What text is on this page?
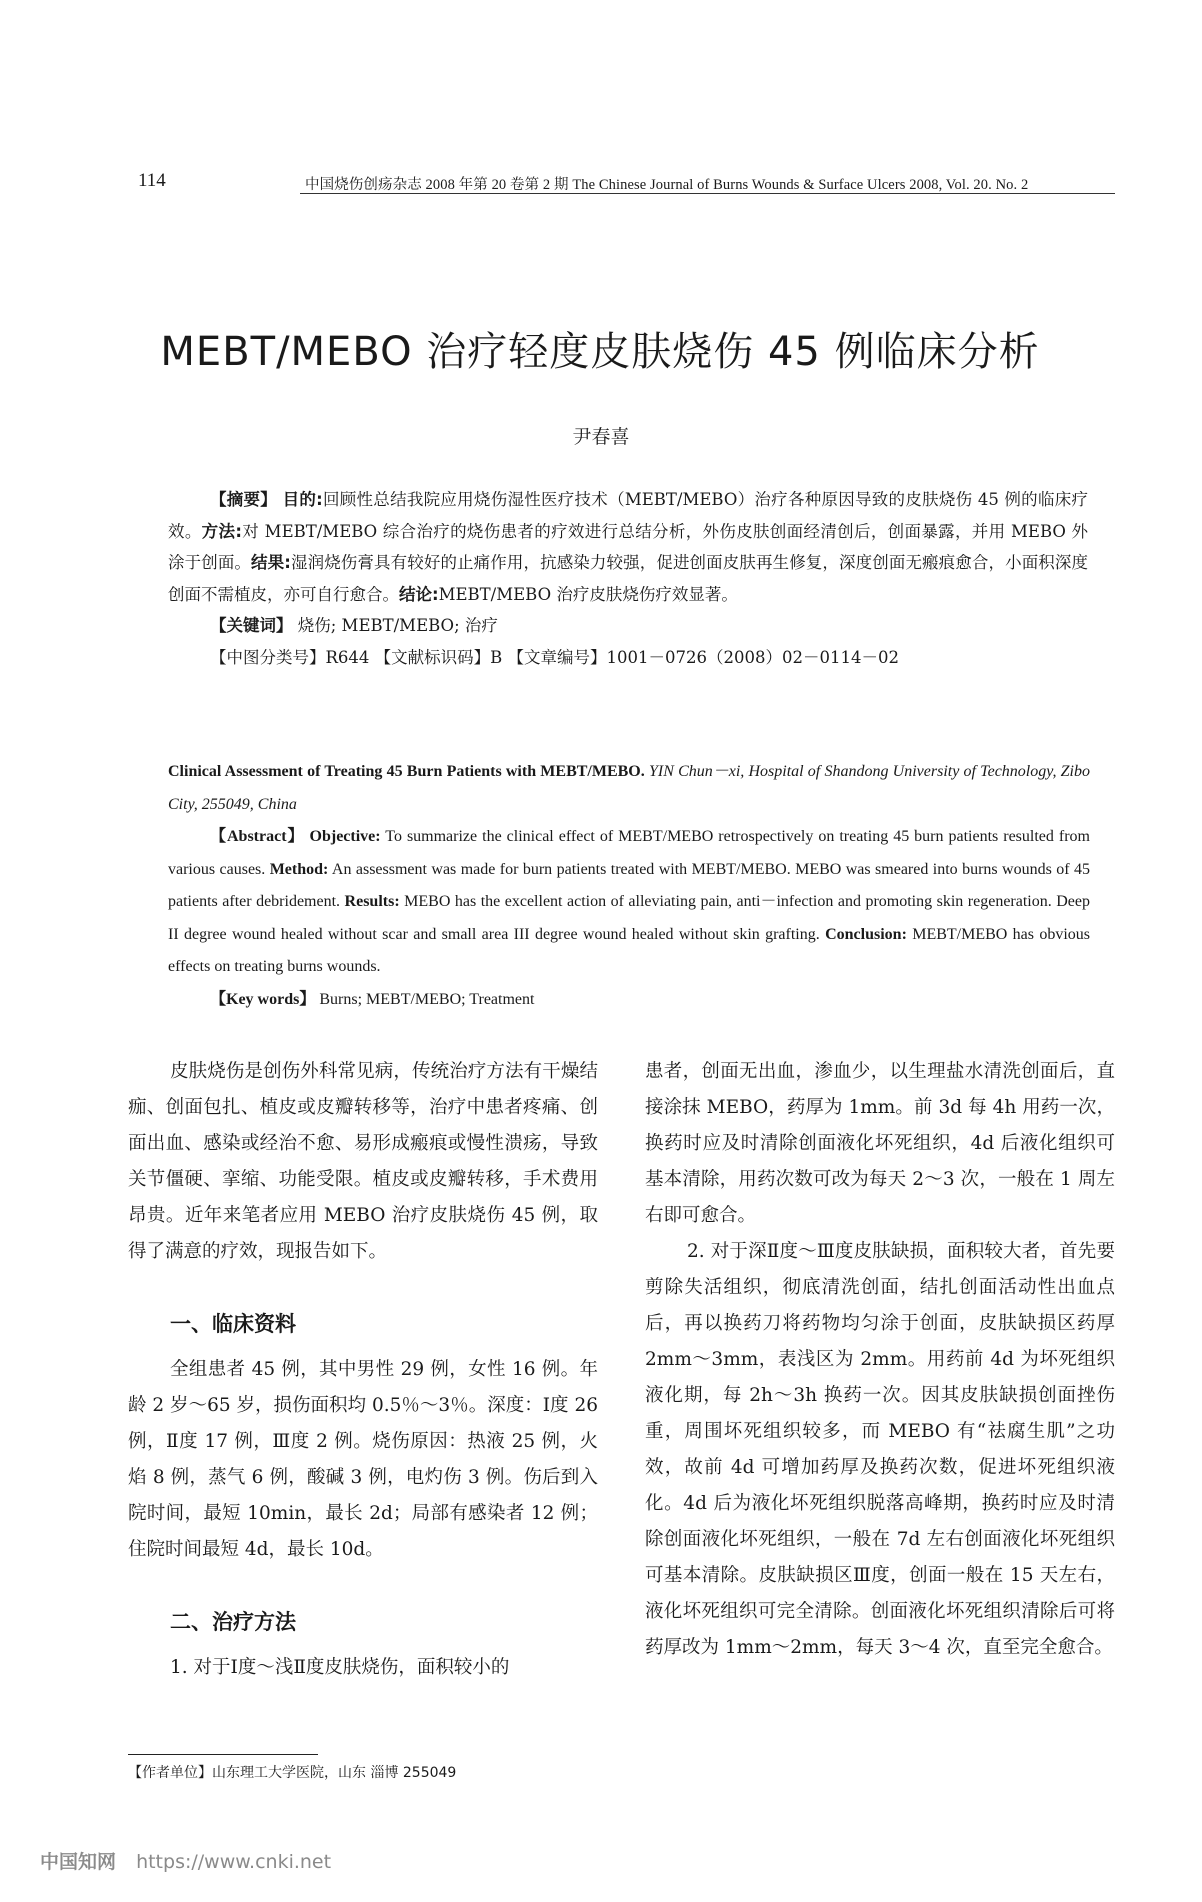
114	中国烧伤创疡杂志 2008 年第 20 卷第 2 期 The Chinese Journal of Burns Wounds & Surface Ulcers 2008, Vol. 20. No. 2
MEBT/MEBO 治疗轻度皮肤烧伤 45 例临床分析
尹春喜

【摘要】 目的:回顾性总结我院应用烧伤湿性医疗技术（MEBT/MEBO）治疗各种原因导致的皮肤烧伤 45 例的临床疗效。方法:对 MEBT/MEBO 综合治疗的烧伤患者的疗效进行总结分析，外伤皮肤创面经清创后，创面暴露，并用 MEBO 外涂于创面。结果:湿润烧伤膏具有较好的止痛作用，抗感染力较强，促进创面皮肤再生修复，深度创面无瘢痕愈合，小面积深度创面不需植皮，亦可自行愈合。结论:MEBT/MEBO 治疗皮肤烧伤疗效显著。

【关键词】 烧伤; MEBT/MEBO; 治疗

【中图分类号】R644 【文献标识码】B 【文章编号】1001－0726（2008）02－0114－02

Clinical Assessment of Treating 45 Burn Patients with MEBT/MEBO. YIN Chun－xi, Hospital of Shandong University of Technology, Zibo City, 255049, China

【Abstract】 Objective: To summarize the clinical effect of MEBT/MEBO retrospectively on treating 45 burn patients resulted from various causes. Method: An assessment was made for burn patients treated with MEBT/MEBO. MEBO was smeared into burns wounds of 45 patients after debridement. Results: MEBO has the excellent action of alleviating pain, anti－infection and promoting skin regeneration. Deep II degree wound healed without scar and small area III degree wound healed without skin grafting. Conclusion: MEBT/MEBO has obvious effects on treating burns wounds.

【Key words】 Burns; MEBT/MEBO; Treatment

皮肤烧伤是创伤外科常见病，传统治疗方法有干燥结痂、创面包扎、植皮或皮瓣转移等，治疗中患者疼痛、创面出血、感染或经治不愈、易形成瘢痕或慢性溃疡，导致关节僵硬、挛缩、功能受限。植皮或皮瓣转移，手术费用昂贵。近年来笔者应用 MEBO 治疗皮肤烧伤 45 例，取得了满意的疗效，现报告如下。

一、临床资料

全组患者 45 例，其中男性 29 例，女性 16 例。年龄 2 岁～65 岁，损伤面积均 0.5％～3％。深度：Ⅰ度 26 例，Ⅱ度 17 例，Ⅲ度 2 例。烧伤原因：热液 25 例，火焰 8 例，蒸气 6 例，酸碱 3 例，电灼伤 3 例。伤后到入院时间，最短 10min，最长 2d；局部有感染者 12 例；住院时间最短 4d，最长 10d。

二、治疗方法

1. 对于Ⅰ度～浅Ⅱ度皮肤烧伤，面积较小的

患者，创面无出血，渗血少，以生理盐水清洗创面后，直接涂抹 MEBO，药厚为 1mm。前 3d 每 4h 用药一次，换药时应及时清除创面液化坏死组织，4d 后液化组织可基本清除，用药次数可改为每天 2～3 次，一般在 1 周左右即可愈合。

2. 对于深Ⅱ度～Ⅲ度皮肤缺损，面积较大者，首先要剪除失活组织，彻底清洗创面，结扎创面活动性出血点后，再以换药刀将药物均匀涂于创面，皮肤缺损区药厚 2mm～3mm，表浅区为 2mm。用药前 4d 为坏死组织液化期，每 2h～3h 换药一次。因其皮肤缺损创面挫伤重，周围坏死组织较多，而 MEBO 有“祛腐生肌”之功效，故前 4d 可增加药厚及换药次数，促进坏死组织液化。4d 后为液化坏死组织脱落高峰期，换药时应及时清除创面液化坏死组织，一般在 7d 左右创面液化坏死组织可基本清除。皮肤缺损区Ⅲ度，创面一般在 15 天左右，液化坏死组织可完全清除。创面液化坏死组织清除后可将药厚改为 1mm～2mm，每天 3～4 次，直至完全愈合。

【作者单位】山东理工大学医院，山东 淄博 255049
中国知网 https://www.cnki.net
